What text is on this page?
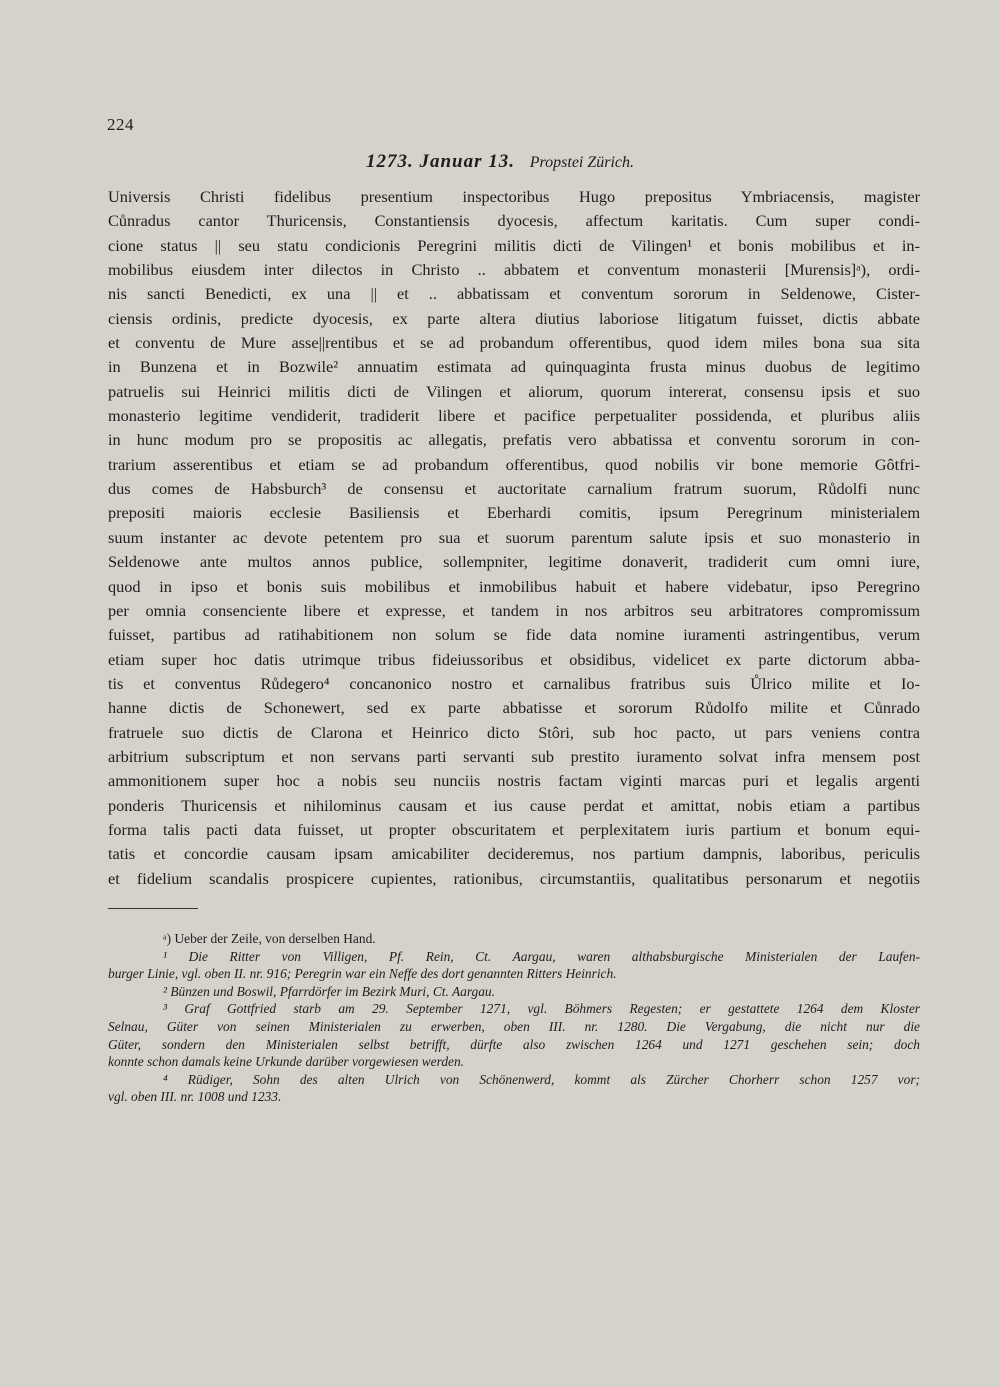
224
1273. Januar 13. Propstei Zürich.
Universis Christi fidelibus presentium inspectoribus Hugo prepositus Ymbriacensis, magister
Cůnradus cantor Thuricensis, Constantiensis dyocesis, affectum karitatis. Cum super condi-
cione status || seu statu condicionis Peregrini militis dicti de Vilingen¹ et bonis mobilibus et in-
mobilibus eiusdem inter dilectos in Christo .. abbatem et conventum monasterii [Murensis]ᵃ), ordi-
nis sancti Benedicti, ex una || et .. abbatissam et conventum sororum in Seldenowe, Cister-
ciensis ordinis, predicte dyocesis, ex parte altera diutius laboriose litigatum fuisset, dictis abbate
et conventu de Mure asse||rentibus et se ad probandum offerentibus, quod idem miles bona sua sita
in Bunzena et in Bozwile² annuatim estimata ad quinquaginta frusta minus duobus de legitimo
patruelis sui Heinrici militis dicti de Vilingen et aliorum, quorum intererat, consensu ipsis et suo
monasterio legitime vendiderit, tradiderit libere et pacifice perpetualiter possidenda, et pluribus aliis
in hunc modum pro se propositis ac allegatis, prefatis vero abbatissa et conventu sororum in con-
trarium asserentibus et etiam se ad probandum offerentibus, quod nobilis vir bone memorie Gôtfri-
dus comes de Habsburch³ de consensu et auctoritate carnalium fratrum suorum, Růdolfi nunc
prepositi maioris ecclesie Basiliensis et Eberhardi comitis, ipsum Peregrinum ministerialem
suum instanter ac devote petentem pro sua et suorum parentum salute ipsis et suo monasterio in
Seldenowe ante multos annos publice, sollempniter, legitime donaverit, tradiderit cum omni iure,
quod in ipso et bonis suis mobilibus et inmobilibus habuit et habere videbatur, ipso Peregrino
per omnia consenciente libere et expresse, et tandem in nos arbitros seu arbitratores compromissum
fuisset, partibus ad ratihabitionem non solum se fide data nomine iuramenti astringentibus, verum
etiam super hoc datis utrimque tribus fideiussoribus et obsidibus, videlicet ex parte dictorum abba-
tis et conventus Růdegero⁴ concanonico nostro et carnalibus fratribus suis Ůlrico milite et Io-
hanne dictis de Schonewert, sed ex parte abbatisse et sororum Růdolfo milite et Cůnrado
fratruele suo dictis de Clarona et Heinrico dicto Stôri, sub hoc pacto, ut pars veniens contra
arbitrium subscriptum et non servans parti servanti sub prestito iuramento solvat infra mensem post
ammonitionem super hoc a nobis seu nunciis nostris factam viginti marcas puri et legalis argenti
ponderis Thuricensis et nihilominus causam et ius cause perdat et amittat, nobis etiam a partibus
forma talis pacti data fuisset, ut propter obscuritatem et perplexitatem iuris partium et bonum equi-
tatis et concordie causam ipsam amicabiliter decideremus, nos partium dampnis, laboribus, periculis
et fidelium scandalis prospicere cupientes, rationibus, circumstantiis, qualitatibus personarum et negotiis
ᵃ) Ueber der Zeile, von derselben Hand.
¹ Die Ritter von Villigen, Pf. Rein, Ct. Aargau, waren althabsburgische Ministerialen der Laufen-
burger Linie, vgl. oben II. nr. 916; Peregrin war ein Neffe des dort genannten Ritters Heinrich.
² Bünzen und Boswil, Pfarrdörfer im Bezirk Muri, Ct. Aargau.
³ Graf Gottfried starb am 29. September 1271, vgl. Böhmers Regesten; er gestattete 1264 dem Kloster
Selnau, Güter von seinen Ministerialen zu erwerben, oben III. nr. 1280. Die Vergabung, die nicht nur die
Güter, sondern den Ministerialen selbst betrifft, dürfte also zwischen 1264 und 1271 geschehen sein; doch
konnte schon damals keine Urkunde darüber vorgewiesen werden.
⁴ Rüdiger, Sohn des alten Ulrich von Schönenwerd, kommt als Zürcher Chorherr schon 1257 vor;
vgl. oben III. nr. 1008 und 1233.
